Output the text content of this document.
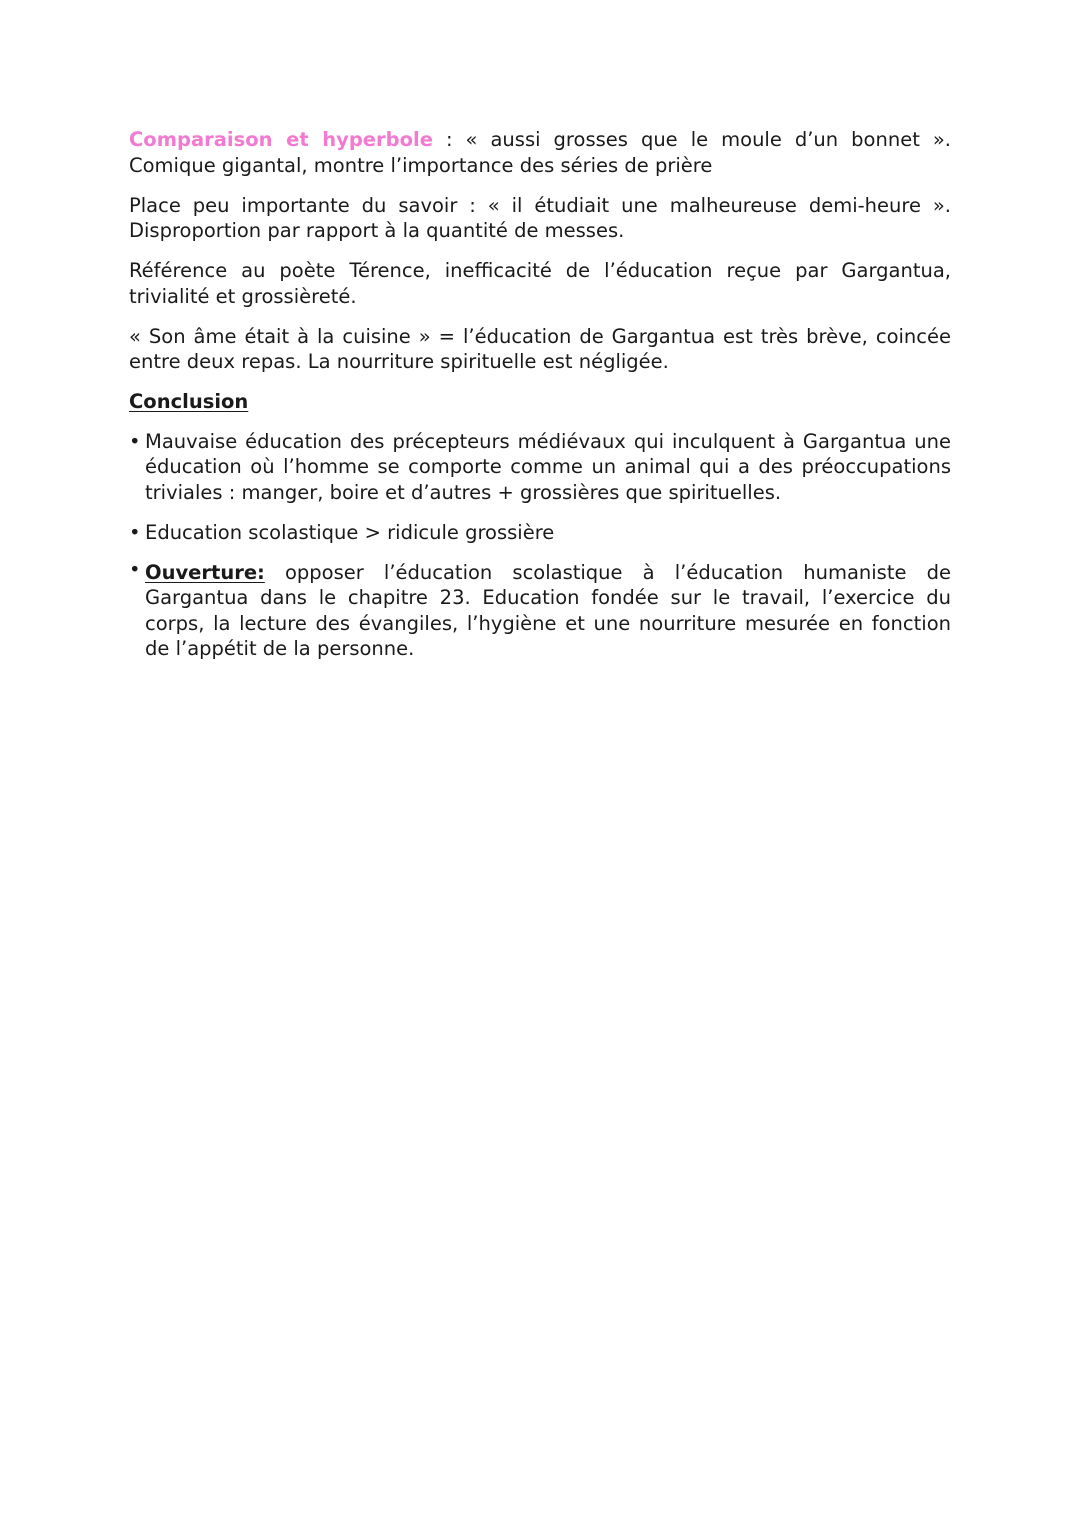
Comparaison et hyperbole : « aussi grosses que le moule d’un bonnet ». Comique gigantal, montre l’importance des séries de prière

Place peu importante du savoir : « il étudiait une malheureuse demi-heure ». Disproportion par rapport à la quantité de messes.

Référence au poète Térence, inefficacité de l’éducation reçue par Gargantua, trivialité et grossièreté.

« Son âme était à la cuisine » = l’éducation de Gargantua est très brève, coincée entre deux repas. La nourriture spirituelle est négligée.

Conclusion
• Mauvaise éducation des précepteurs médiévaux qui inculquent à Gargantua une éducation où l’homme se comporte comme un animal qui a des préoccupations triviales : manger, boire et d’autres + grossières que spirituelles.
• Education scolastique > ridicule grossière
• Ouverture: opposer l’éducation scolastique à l’éducation humaniste de Gargantua dans le chapitre 23. Education fondée sur le travail, l’exercice du corps, la lecture des évangiles, l’hygiène et une nourriture mesurée en fonction de l’appétit de la personne.
